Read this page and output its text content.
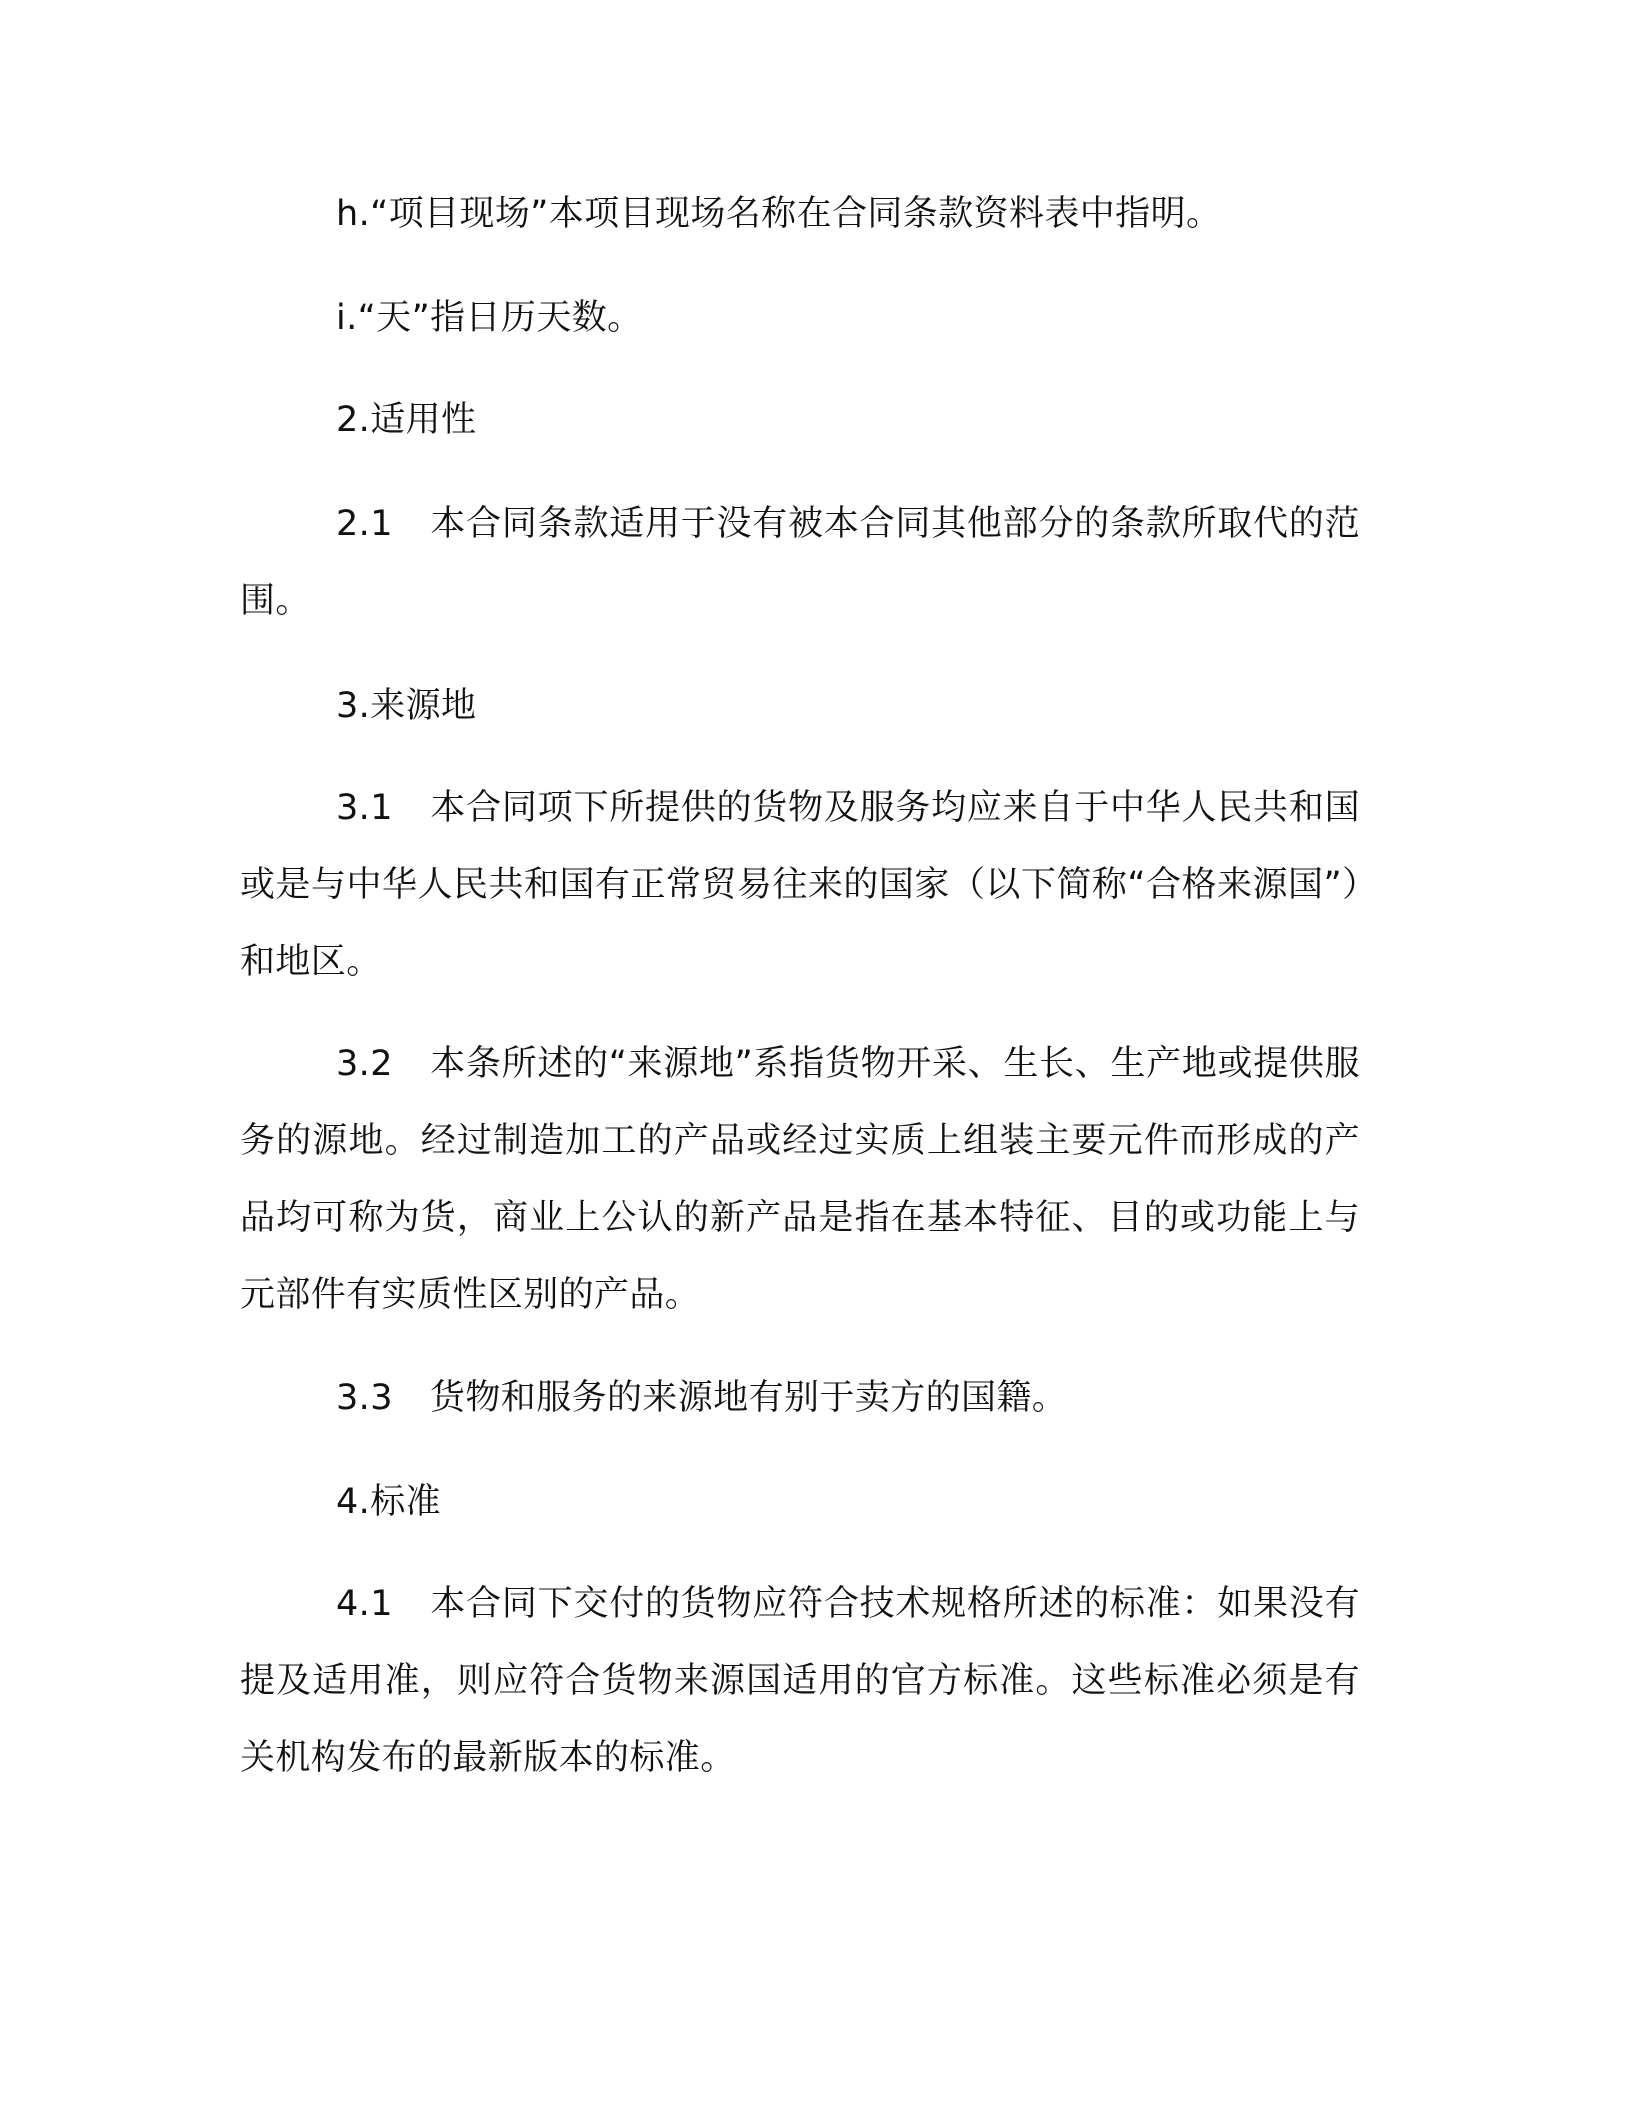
h.“项目现场”本项目现场名称在合同条款资料表中指明。

i.“天”指日历天数。

2.适用性

2.1 本合同条款适用于没有被本合同其他部分的条款所取代的范围。

3.来源地

3.1 本合同项下所提供的货物及服务均应来自于中华人民共和国或是与中华人民共和国有正常贸易往来的国家（以下简称“合格来源国”）和地区。

3.2 本条所述的“来源地”系指货物开采、生长、生产地或提供服务的源地。经过制造加工的产品或经过实质上组装主要元件而形成的产品均可称为货，商业上公认的新产品是指在基本特征、目的或功能上与元部件有实质性区别的产品。

3.3 货物和服务的来源地有别于卖方的国籍。

4.标准

4.1 本合同下交付的货物应符合技术规格所述的标准：如果没有提及适用准，则应符合货物来源国适用的官方标准。这些标准必须是有关机构发布的最新版本的标准。
